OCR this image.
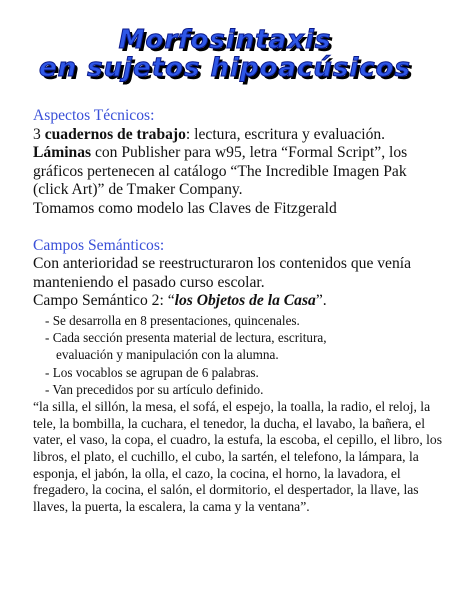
Morfosintaxis
en sujetos hipoacúsicos
Aspectos Técnicos:
3 cuadernos de trabajo: lectura, escritura y evaluación.
Láminas con Publisher para w95, letra “Formal Script”, los gráficos pertenecen al catálogo “The Incredible Imagen Pak (click Art)” de Tmaker Company.
Tomamos como modelo las Claves de Fitzgerald
Campos Semánticos:
Con anterioridad se reestructuraron los contenidos que venía manteniendo el pasado curso escolar.
Campo Semántico 2: “los Objetos de la Casa”.
- Se desarrolla en 8 presentaciones, quincenales.
- Cada sección presenta material de lectura, escritura,
evaluación y manipulación con la alumna.
- Los vocablos se agrupan de 6 palabras.
- Van precedidos por su artículo definido.
“la silla, el sillón, la mesa, el sofá, el espejo, la toalla, la radio, el reloj, la tele, la bombilla, la cuchara, el tenedor, la ducha, el lavabo, la bañera, el vater, el vaso, la copa, el cuadro, la estufa, la escoba, el cepillo, el libro, los libros, el plato, el cuchillo, el cubo, la sartén, el telefono, la lámpara, la esponja, el jabón, la olla, el cazo, la cocina, el horno, la lavadora, el fregadero, la cocina, el salón, el dormitorio, el despertador, la llave, las llaves, la puerta, la escalera, la cama y la ventana”.
